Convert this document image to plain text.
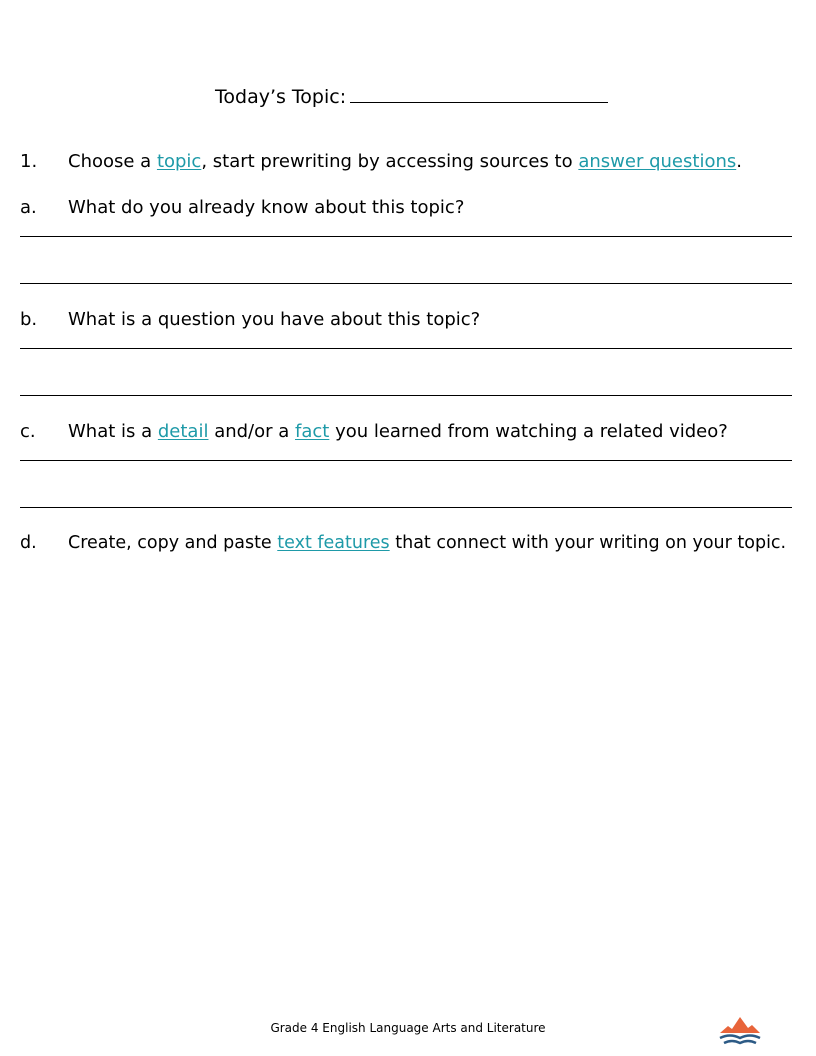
Today’s Topic:
1. Choose a topic, start prewriting by accessing sources to answer questions.
a. What do you already know about this topic?
b. What is a question you have about this topic?
c. What is a detail and/or a fact you learned from watching a related video?
d. Create, copy and paste text features that connect with your writing on your topic.
Grade 4 English Language Arts and Literature
